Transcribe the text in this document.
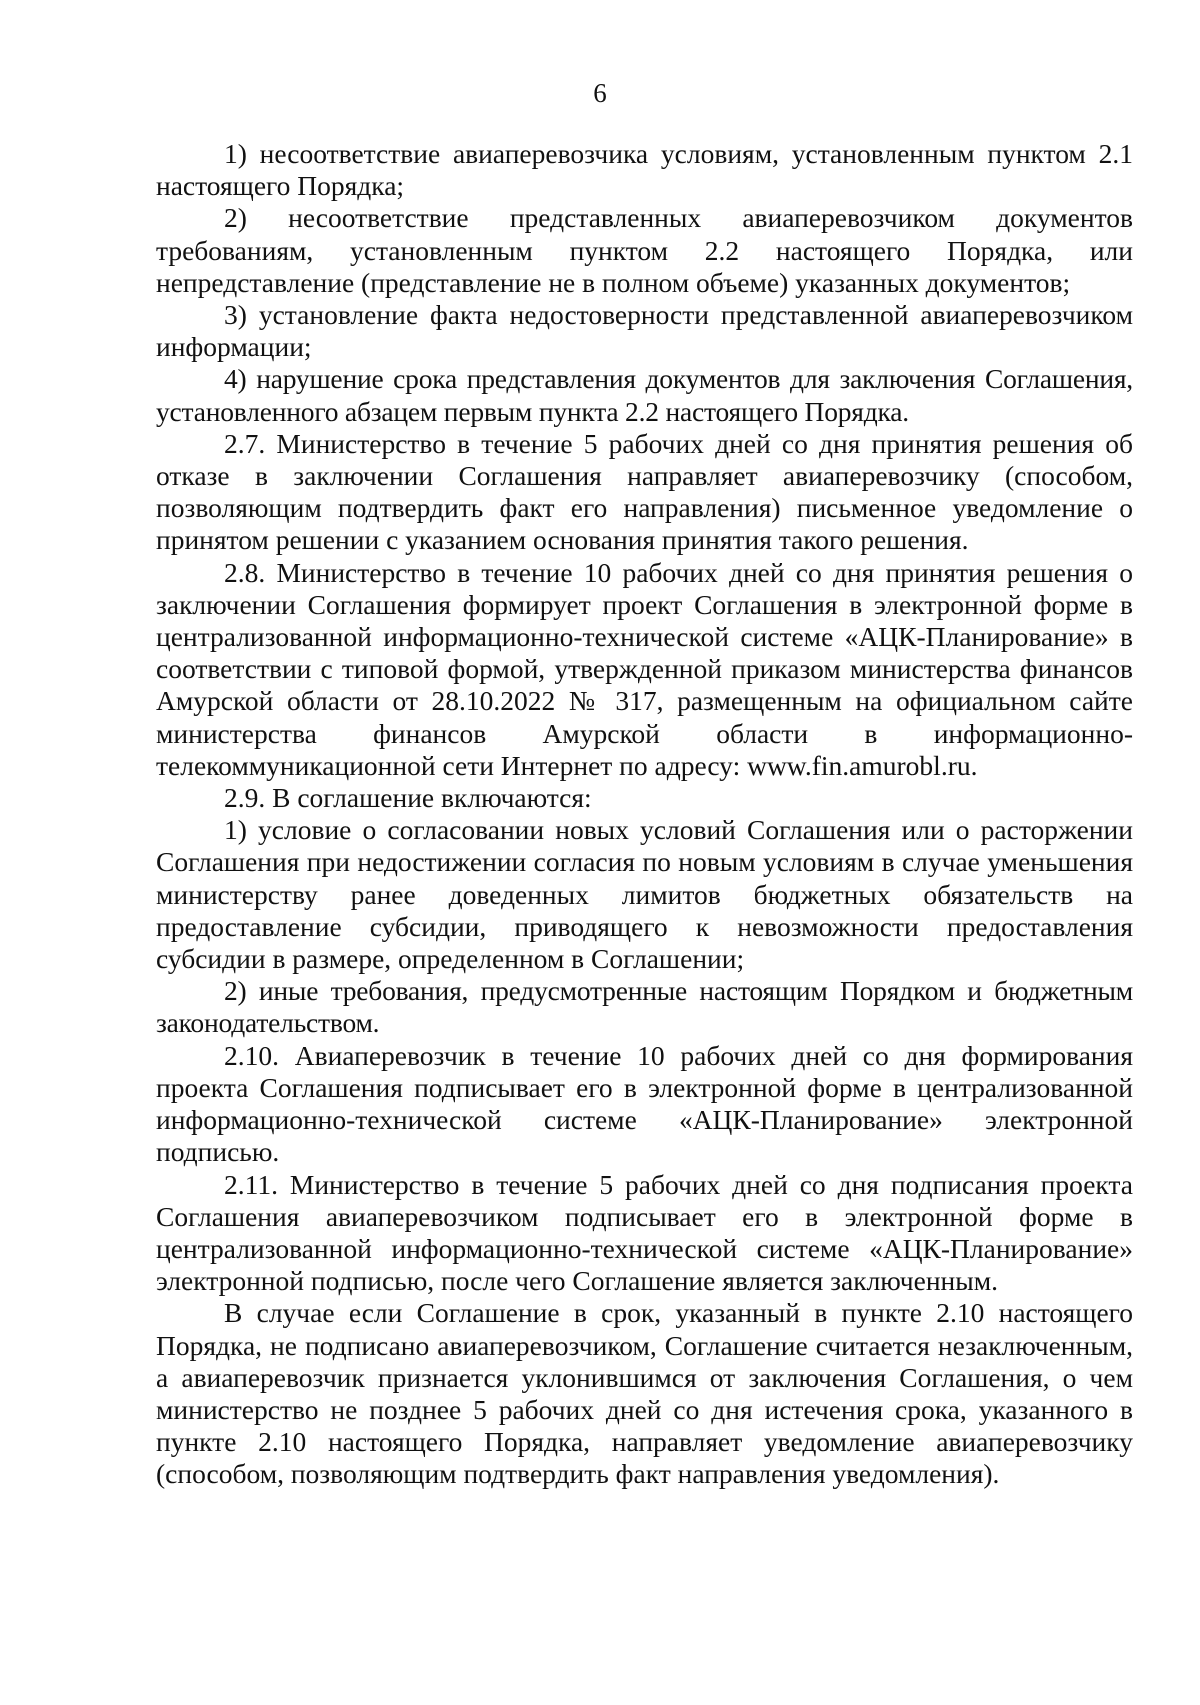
6

1) несоответствие авиаперевозчика условиям, установленным пунктом 2.1 настоящего Порядка;

2) несоответствие представленных авиаперевозчиком документов требованиям, установленным пунктом 2.2 настоящего Порядка, или непредставление (представление не в полном объеме) указанных документов;

3) установление факта недостоверности представленной авиаперевозчиком информации;

4) нарушение срока представления документов для заключения Соглашения, установленного абзацем первым пункта 2.2 настоящего Порядка.

2.7. Министерство в течение 5 рабочих дней со дня принятия решения об отказе в заключении Соглашения направляет авиаперевозчику (способом, позволяющим подтвердить факт его направления) письменное уведомление о принятом решении с указанием основания принятия такого решения.

2.8. Министерство в течение 10 рабочих дней со дня принятия решения о заключении Соглашения формирует проект Соглашения в электронной форме в централизованной информационно-технической системе «АЦК-Планирование» в соответствии с типовой формой, утвержденной приказом министерства финансов Амурской области от 28.10.2022 № 317, размещенным на официальном сайте министерства финансов Амурской области в информационно-телекоммуникационной сети Интернет по адресу: www.fin.amurobl.ru.

2.9. В соглашение включаются:

1) условие о согласовании новых условий Соглашения или о расторжении Соглашения при недостижении согласия по новым условиям в случае уменьшения министерству ранее доведенных лимитов бюджетных обязательств на предоставление субсидии, приводящего к невозможности предоставления субсидии в размере, определенном в Соглашении;

2) иные требования, предусмотренные настоящим Порядком и бюджетным законодательством.

2.10. Авиаперевозчик в течение 10 рабочих дней со дня формирования проекта Соглашения подписывает его в электронной форме в централизованной информационно-технической системе «АЦК-Планирование» электронной подписью.

2.11. Министерство в течение 5 рабочих дней со дня подписания проекта Соглашения авиаперевозчиком подписывает его в электронной форме в централизованной информационно-технической системе «АЦК-Планирование» электронной подписью, после чего Соглашение является заключенным.

В случае если Соглашение в срок, указанный в пункте 2.10 настоящего Порядка, не подписано авиаперевозчиком, Соглашение считается незаключенным, а авиаперевозчик признается уклонившимся от заключения Соглашения, о чем министерство не позднее 5 рабочих дней со дня истечения срока, указанного в пункте 2.10 настоящего Порядка, направляет уведомление авиаперевозчику (способом, позволяющим подтвердить факт направления уведомления).
